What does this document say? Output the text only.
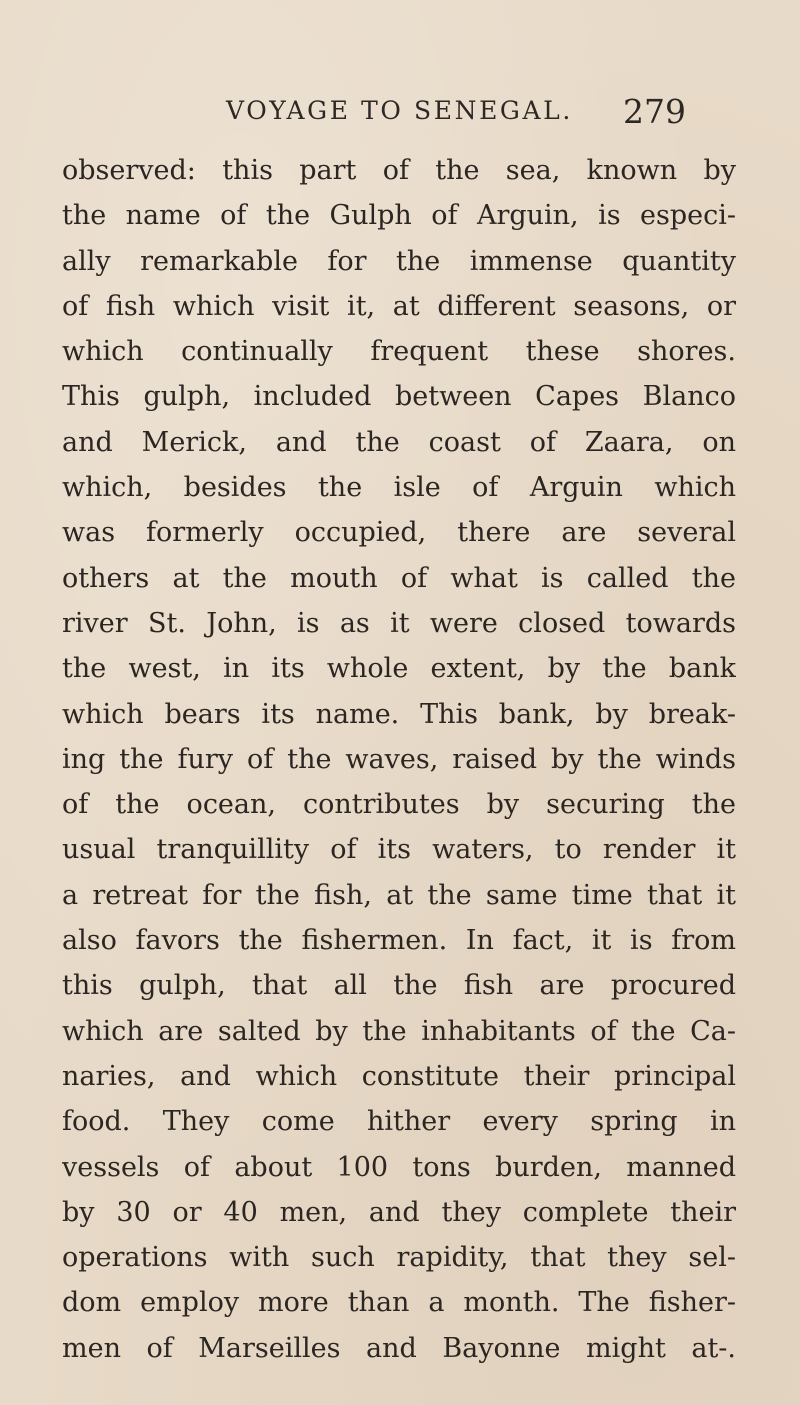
VOYAGE TO SENEGAL. 279
observed: this part of the sea, known by
the name of the Gulph of Arguin, is especi-
ally remarkable for the immense quantity
of fish which visit it, at different seasons, or
which continually frequent these shores.
This gulph, included between Capes Blanco
and Merick, and the coast of Zaara, on
which, besides the isle of Arguin which
was formerly occupied, there are several
others at the mouth of what is called the
river St. John, is as it were closed towards
the west, in its whole extent, by the bank
which bears its name. This bank, by break-
ing the fury of the waves, raised by the winds
of the ocean, contributes by securing the
usual tranquillity of its waters, to render it
a retreat for the fish, at the same time that it
also favors the fishermen. In fact, it is from
this gulph, that all the fish are procured
which are salted by the inhabitants of the Ca-
naries, and which constitute their principal
food. They come hither every spring in
vessels of about 100 tons burden, manned
by 30 or 40 men, and they complete their
operations with such rapidity, that they sel-
dom employ more than a month. The fisher-
men of Marseilles and Bayonne might at-.
